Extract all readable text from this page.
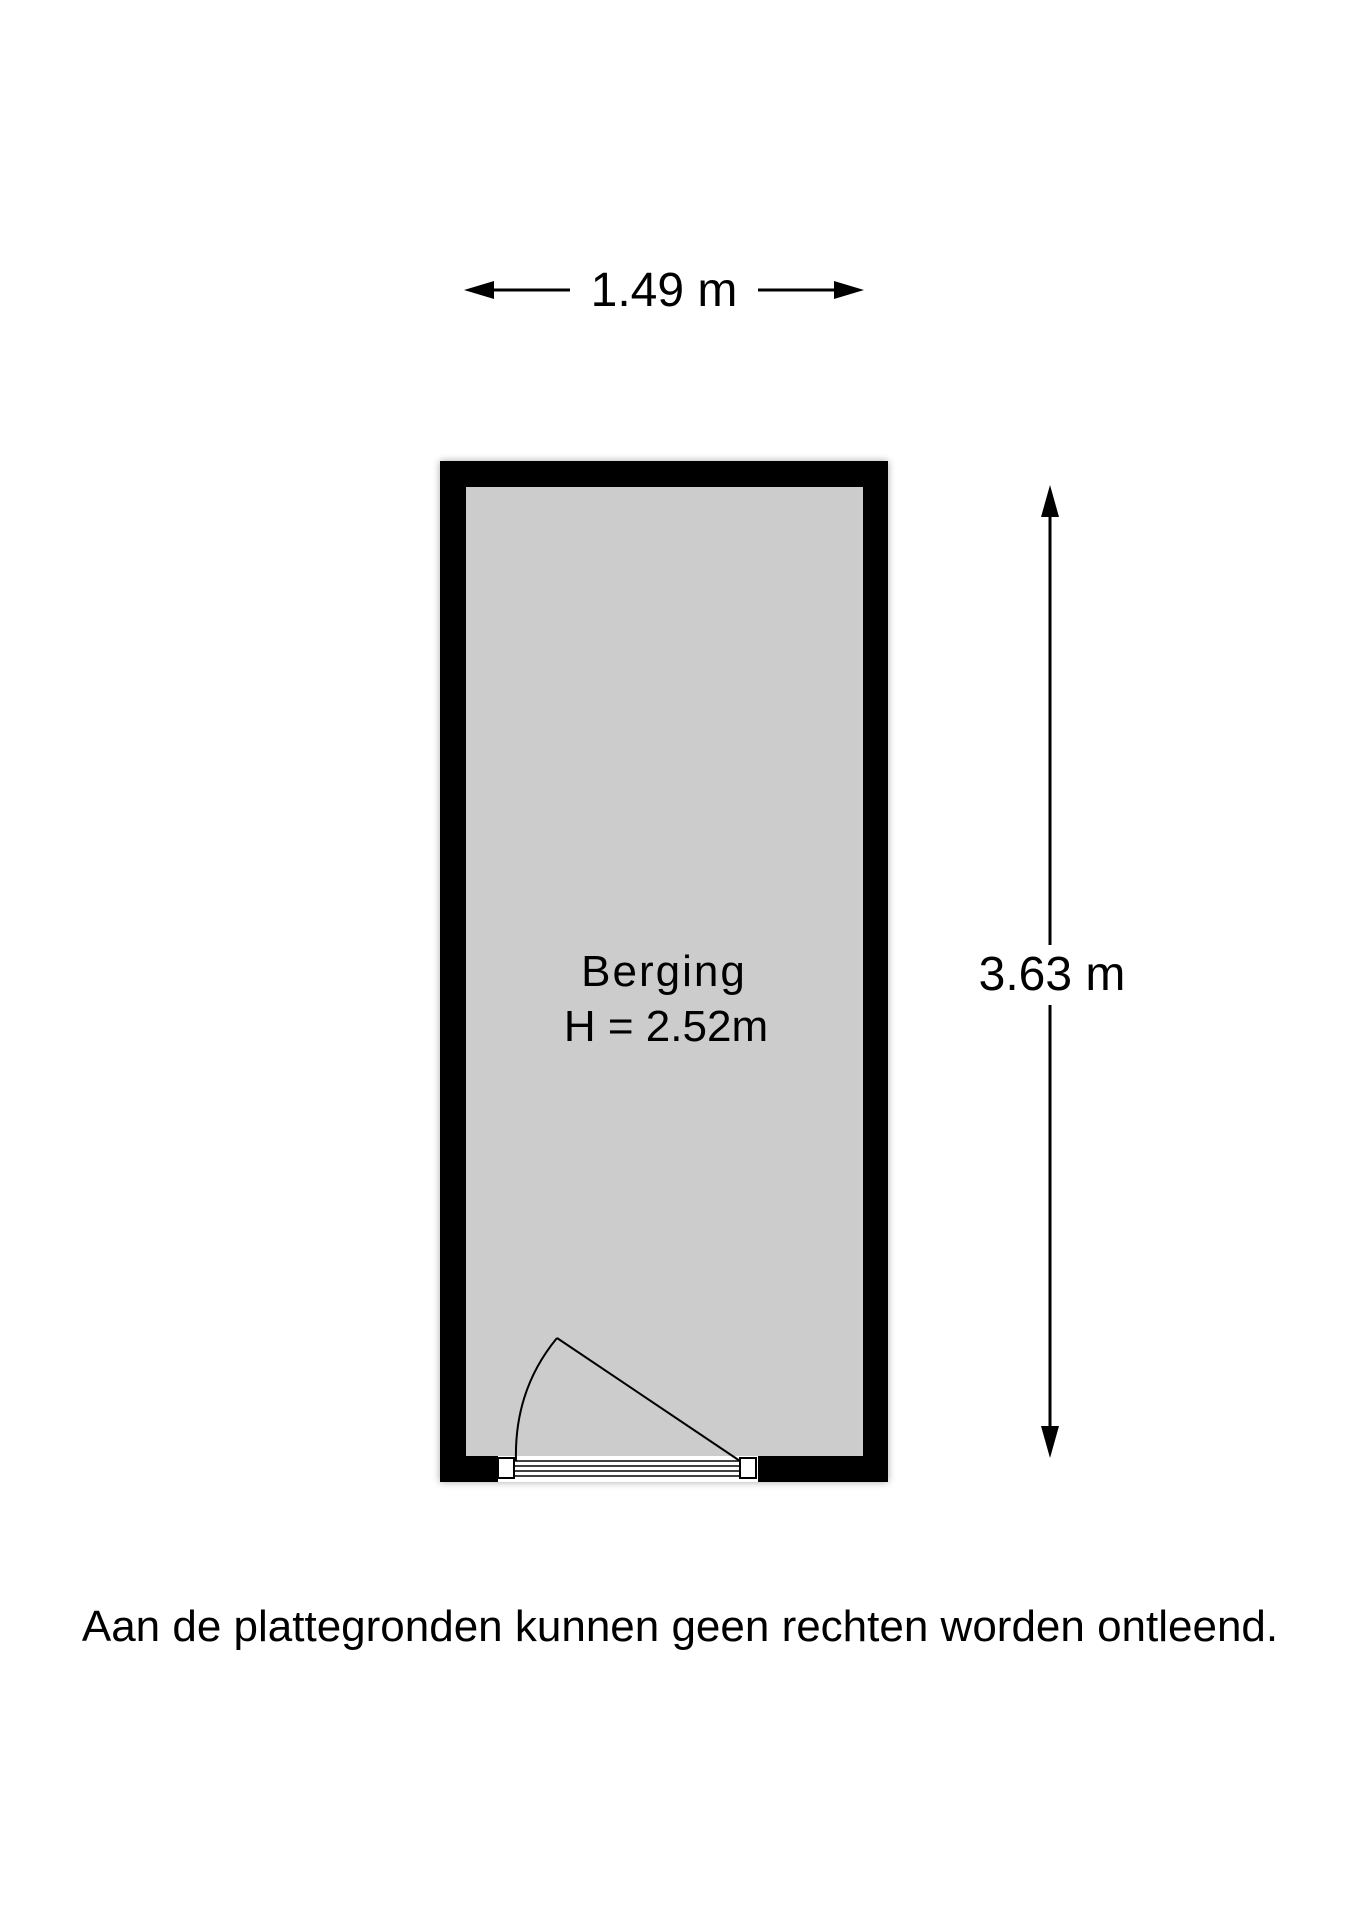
1.49 m
Berging
H = 2.52m
3.63 m
Aan de plattegronden kunnen geen rechten worden ontleend.
